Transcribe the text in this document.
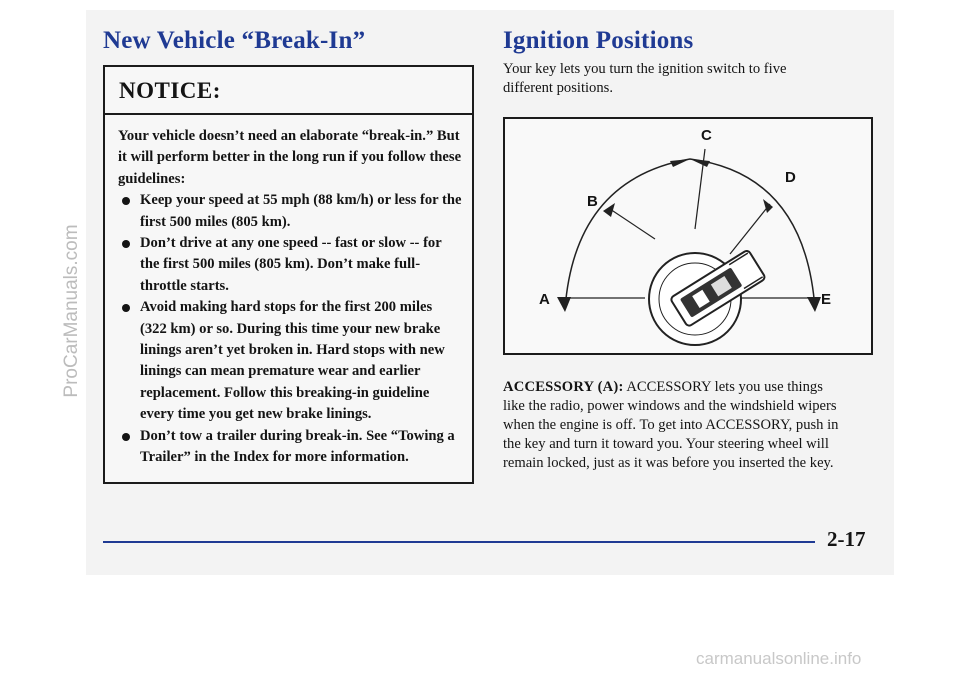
New Vehicle “Break-In”
NOTICE:

Your vehicle doesn’t need an elaborate “break-in.” But it will perform better in the long run if you follow these guidelines:

Keep your speed at 55 mph (88 km/h) or less for the first 500 miles (805 km).
Don’t drive at any one speed -- fast or slow -- for the first 500 miles (805 km). Don’t make full-throttle starts.
Avoid making hard stops for the first 200 miles (322 km) or so. During this time your new brake linings aren’t yet broken in. Hard stops with new linings can mean premature wear and earlier replacement. Follow this breaking-in guideline every time you get new brake linings.
Don’t tow a trailer during break-in. See “Towing a Trailer” in the Index for more information.
Ignition Positions

Your key lets you turn the ignition switch to five different positions.

A
B
C
D
E

ACCESSORY (A): ACCESSORY lets you use things like the radio, power windows and the windshield wipers when the engine is off. To get into ACCESSORY, push in the key and turn it toward you. Your steering wheel will remain locked, just as it was before you inserted the key.

2-17
ProCarManuals.com
carmanualsonline.info
